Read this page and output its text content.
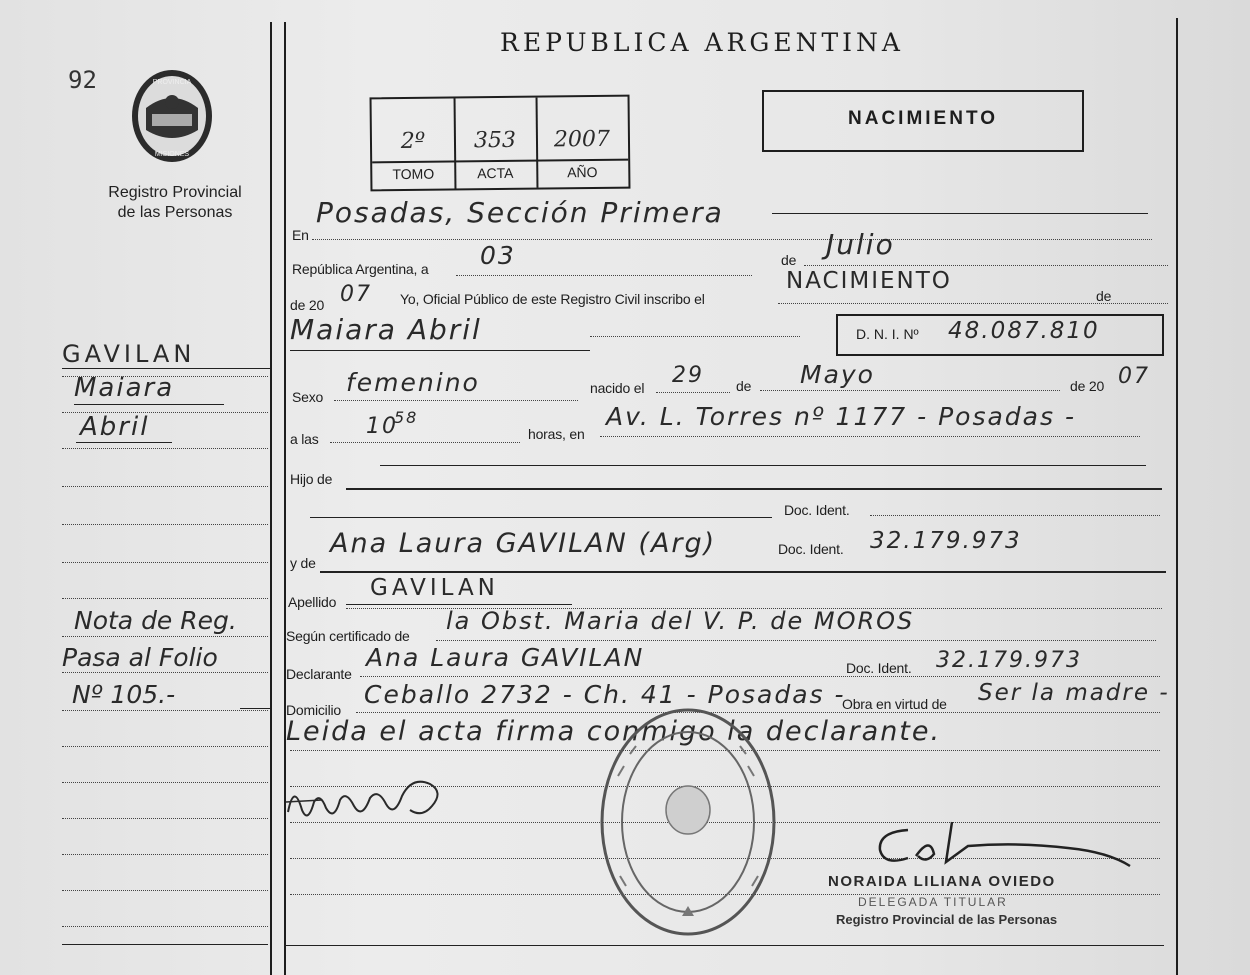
92	PROVINCIA
MISIONES
Registro Provincial
de las Personas
REPUBLICA ARGENTINA
2º	353	2007
TOMO	ACTA	AÑO
NACIMIENTO
En
Posadas, Sección Primera
República Argentina, a 03	de Julio
de 20 07 Yo, Oficial Público de este Registro Civil inscribo el
NACIMIENTO
de
Maiara Abril	D. N. I. Nº 48.087.810
Sexo femenino	nacido el 29 de Mayo	de 20 07
a las 10
58
horas, en
Av. L. Torres nº 1177 - Posadas -
Hijo de
Doc. Ident.
y de
Ana Laura GAVILAN (Arg)	Doc. Ident. 32.179.973
Apellido
GAVILAN
Según certificado de
la Obst. Maria del V. P. de MOROS
Declarante
Ana Laura GAVILAN	Doc. Ident. 32.179.973
Domicilio
Ceballo 2732 - Ch. 41 - Posadas -
Obra en virtud de Ser la madre -
Leida el acta firma conmigo la declarante.
NORAIDA LILIANA OVIEDO
DELEGADA TITULAR
Registro Provincial de las Personas
GAVILAN
Maiara
Abril
Nota de Reg.
Pasa al Folio
Nº 105.-
